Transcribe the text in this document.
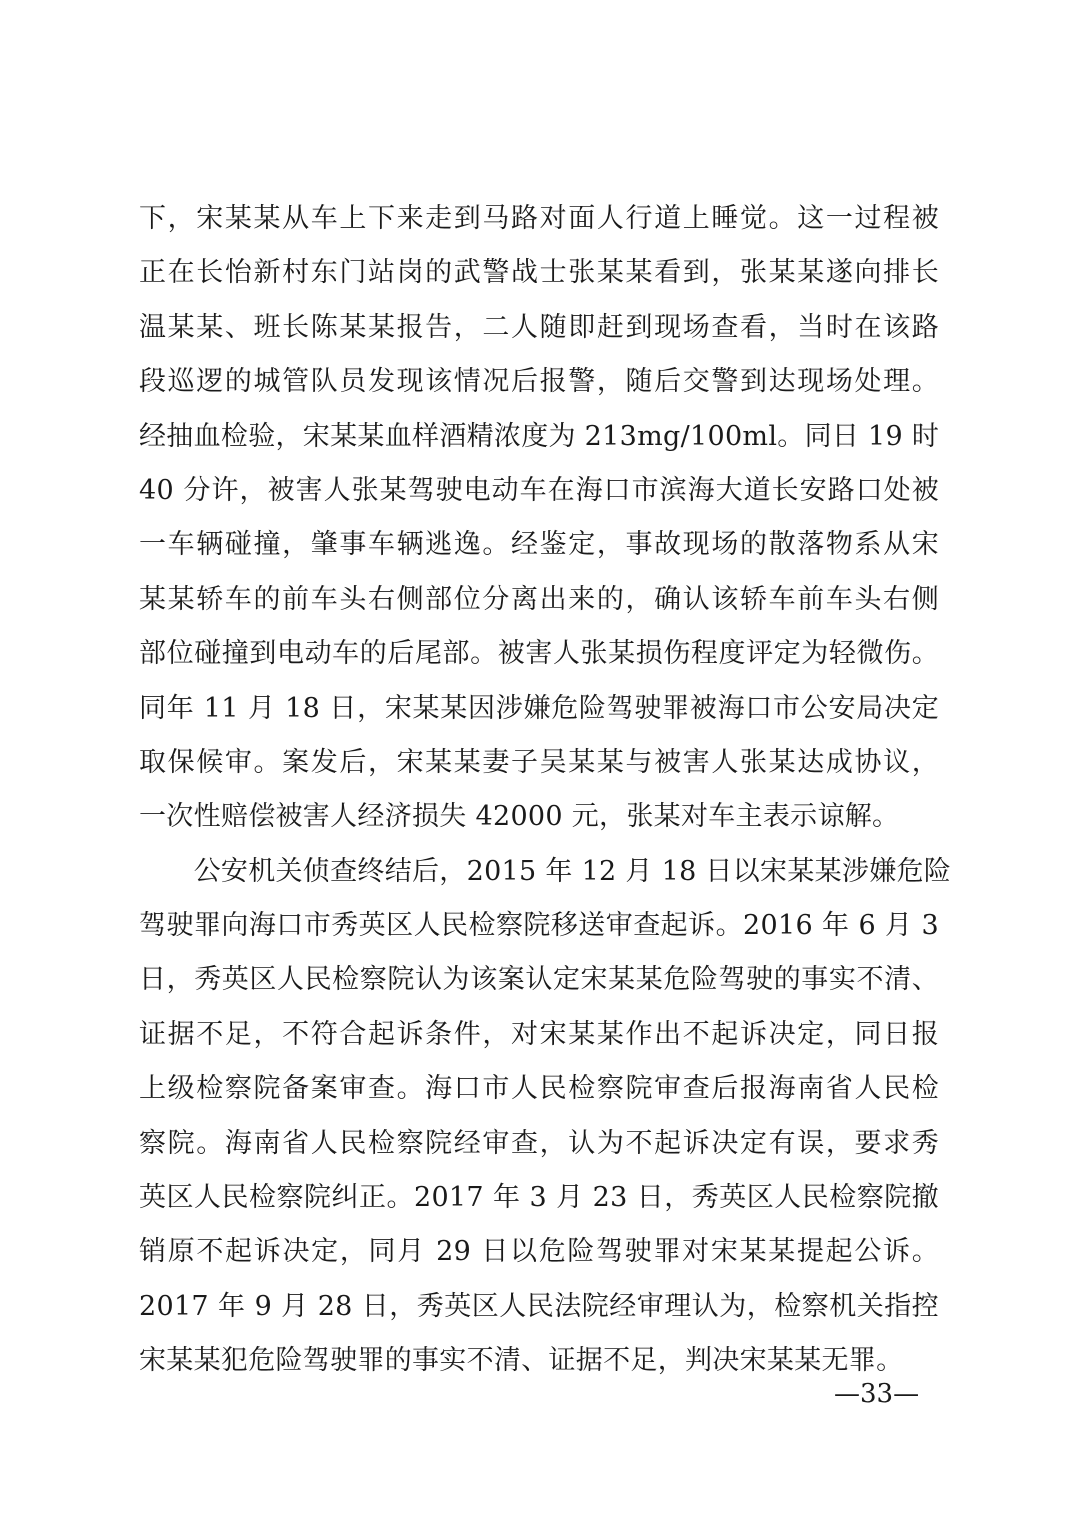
下，宋某某从车上下来走到马路对面人行道上睡觉。这一过程被
正在长怡新村东门站岗的武警战士张某某看到，张某某遂向排长
温某某、班长陈某某报告，二人随即赶到现场查看，当时在该路
段巡逻的城管队员发现该情况后报警，随后交警到达现场处理。
经抽血检验，宋某某血样酒精浓度为 213mg/100ml。同日 19 时
40 分许，被害人张某驾驶电动车在海口市滨海大道长安路口处被
一车辆碰撞，肇事车辆逃逸。经鉴定，事故现场的散落物系从宋
某某轿车的前车头右侧部位分离出来的，确认该轿车前车头右侧
部位碰撞到电动车的后尾部。被害人张某损伤程度评定为轻微伤。
同年 11 月 18 日，宋某某因涉嫌危险驾驶罪被海口市公安局决定
取保候审。案发后，宋某某妻子吴某某与被害人张某达成协议，
一次性赔偿被害人经济损失 42000 元，张某对车主表示谅解。
　　公安机关侦查终结后，2015 年 12 月 18 日以宋某某涉嫌危险
驾驶罪向海口市秀英区人民检察院移送审查起诉。2016 年 6 月 3
日，秀英区人民检察院认为该案认定宋某某危险驾驶的事实不清、
证据不足，不符合起诉条件，对宋某某作出不起诉决定，同日报
上级检察院备案审查。海口市人民检察院审查后报海南省人民检
察院。海南省人民检察院经审查，认为不起诉决定有误，要求秀
英区人民检察院纠正。2017 年 3 月 23 日，秀英区人民检察院撤
销原不起诉决定，同月 29 日以危险驾驶罪对宋某某提起公诉。
2017 年 9 月 28 日，秀英区人民法院经审理认为，检察机关指控
宋某某犯危险驾驶罪的事实不清、证据不足，判决宋某某无罪。
—33—
